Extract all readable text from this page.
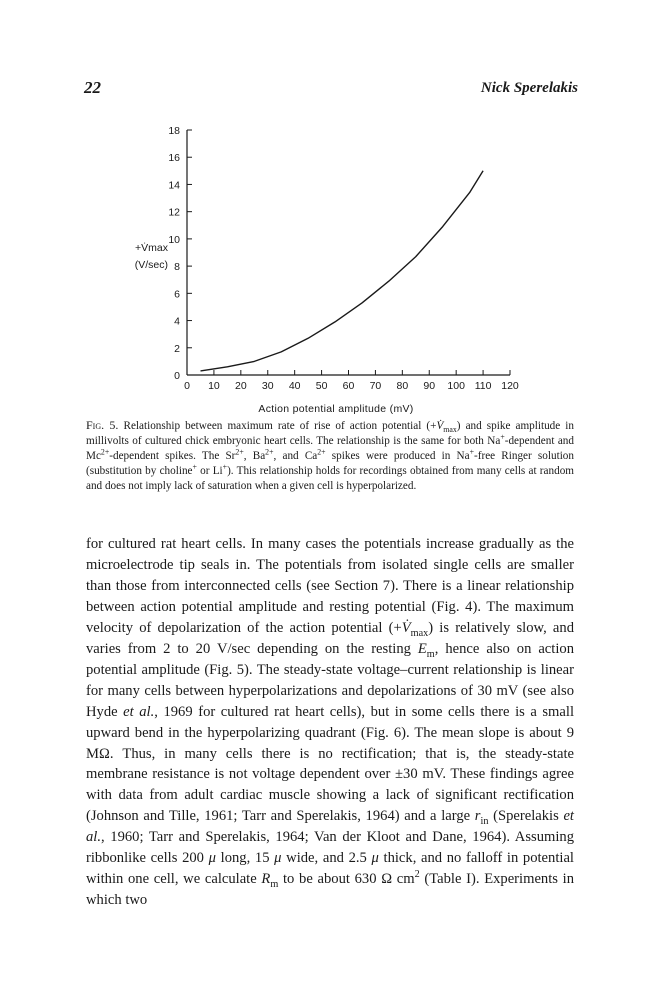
22	Nick Sperelakis
0 10 20 30 40 50 60 70 80 90 100 110 120
0
2
4
6
8
10
12
14
16
18
+V̇max
(V/sec)
Action potential amplitude (mV)
Fig. 5. Relationship between maximum rate of rise of action potential $(+V̇_{max})$ and spike amplitude in millivolts of cultured chick embryonic heart cells. The relationship is the same for both Na+-dependent and $Mc^{2+}$-dependent spikes. The $Sr^{2+}$, $Ba^{2+}$, and $Ca^{2+}$ spikes were produced in Na+-free Ringer solution (substitution by choline+ or Li+). This relationship holds for recordings obtained from many cells at random and does not imply lack of saturation when a given cell is hyperpolarized.

for cultured rat heart cells. In many cases the potentials increase gradually as the microelectrode tip seals in. The potentials from isolated single cells are smaller than those from interconnected cells (see Section 7). There is a linear relationship between action potential amplitude and resting potential (Fig. 4). The maximum velocity of depolarization of the action potential $(+V̇_{max})$ is relatively slow, and varies from 2 to 20 V/sec depending on the resting $E_m$, hence also on action potential amplitude (Fig. 5). The steady-state voltage–current relationship is linear for many cells between hyperpolarizations and depolarizations of 30 mV (see also Hyde et al., 1969 for cultured rat heart cells), but in some cells there is a small upward bend in the hyperpolarizing quadrant (Fig. 6). The mean slope is about 9 MΩ. Thus, in many cells there is no rectification; that is, the steady-state membrane resistance is not voltage dependent over ±30 mV. These findings agree with data from adult cardiac muscle showing a lack of significant rectification (Johnson and Tille, 1961; Tarr and Sperelakis, 1964) and a large $r_{in}$ (Sperelakis et al., 1960; Tarr and Sperelakis, 1964; Van der Kloot and Dane, 1964). Assuming ribbonlike cells 200 μ long, 15 μ wide, and 2.5 μ thick, and no falloff in potential within one cell, we calculate $R_m$ to be about 630 Ω $cm^2$ (Table I). Experiments in which two
